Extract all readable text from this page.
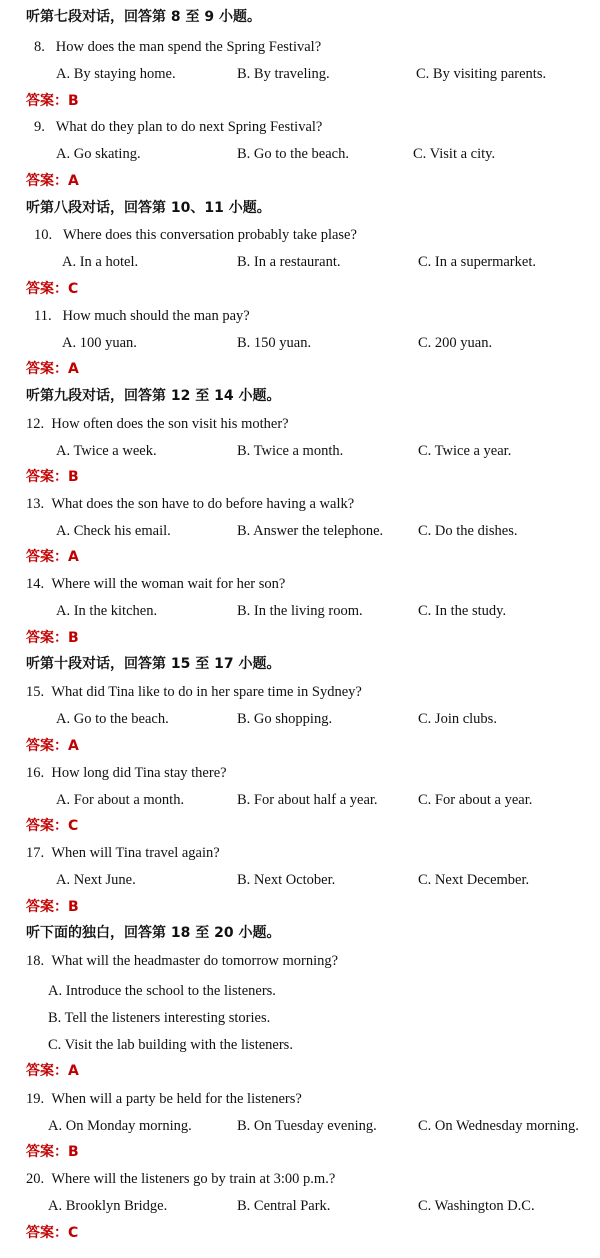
听第七段对话，回答第 8 至 9 小题。
8. How does the man spend the Spring Festival?
A. By staying home.	B. By traveling.	C. By visiting parents.
答案：B
9. What do they plan to do next Spring Festival?
A. Go skating.	B. Go to the beach.	C. Visit a city.
答案：A
听第八段对话，回答第 10、11 小题。
10. Where does this conversation probably take plase?
A. In a hotel.	B. In a restaurant.	C. In a supermarket.
答案：C
11. How much should the man pay?
A. 100 yuan.	B. 150 yuan.	C. 200 yuan.
答案：A
听第九段对话，回答第 12 至 14 小题。
12. How often does the son visit his mother?
A. Twice a week.	B. Twice a month.	C. Twice a year.
答案：B
13. What does the son have to do before having a walk?
A. Check his email.	B. Answer the telephone. C. Do the dishes.
答案：A
14. Where will the woman wait for her son?
A. In the kitchen.	B. In the living room.	C. In the study.
答案：B
听第十段对话，回答第 15 至 17 小题。
15. What did Tina like to do in her spare time in Sydney?
A. Go to the beach.	B. Go shopping.	C. Join clubs.
答案：A
16. How long did Tina stay there?
A. For about a month.	B. For about half a year.	C. For about a year.
答案：C
17. When will Tina travel again?
A. Next June.	B. Next October.	C. Next December.
答案：B
听下面的独白，回答第 18 至 20 小题。
18. What will the headmaster do tomorrow morning?
A. Introduce the school to the listeners.
B. Tell the listeners interesting stories.
C. Visit the lab building with the listeners.
答案：A
19. When will a party be held for the listeners?
A. On Monday morning.	B. On Tuesday evening.	C. On Wednesday morning.
答案：B
20. Where will the listeners go by train at 3:00 p.m.?
A. Brooklyn Bridge.	B. Central Park.	C. Washington D.C.
答案：C
